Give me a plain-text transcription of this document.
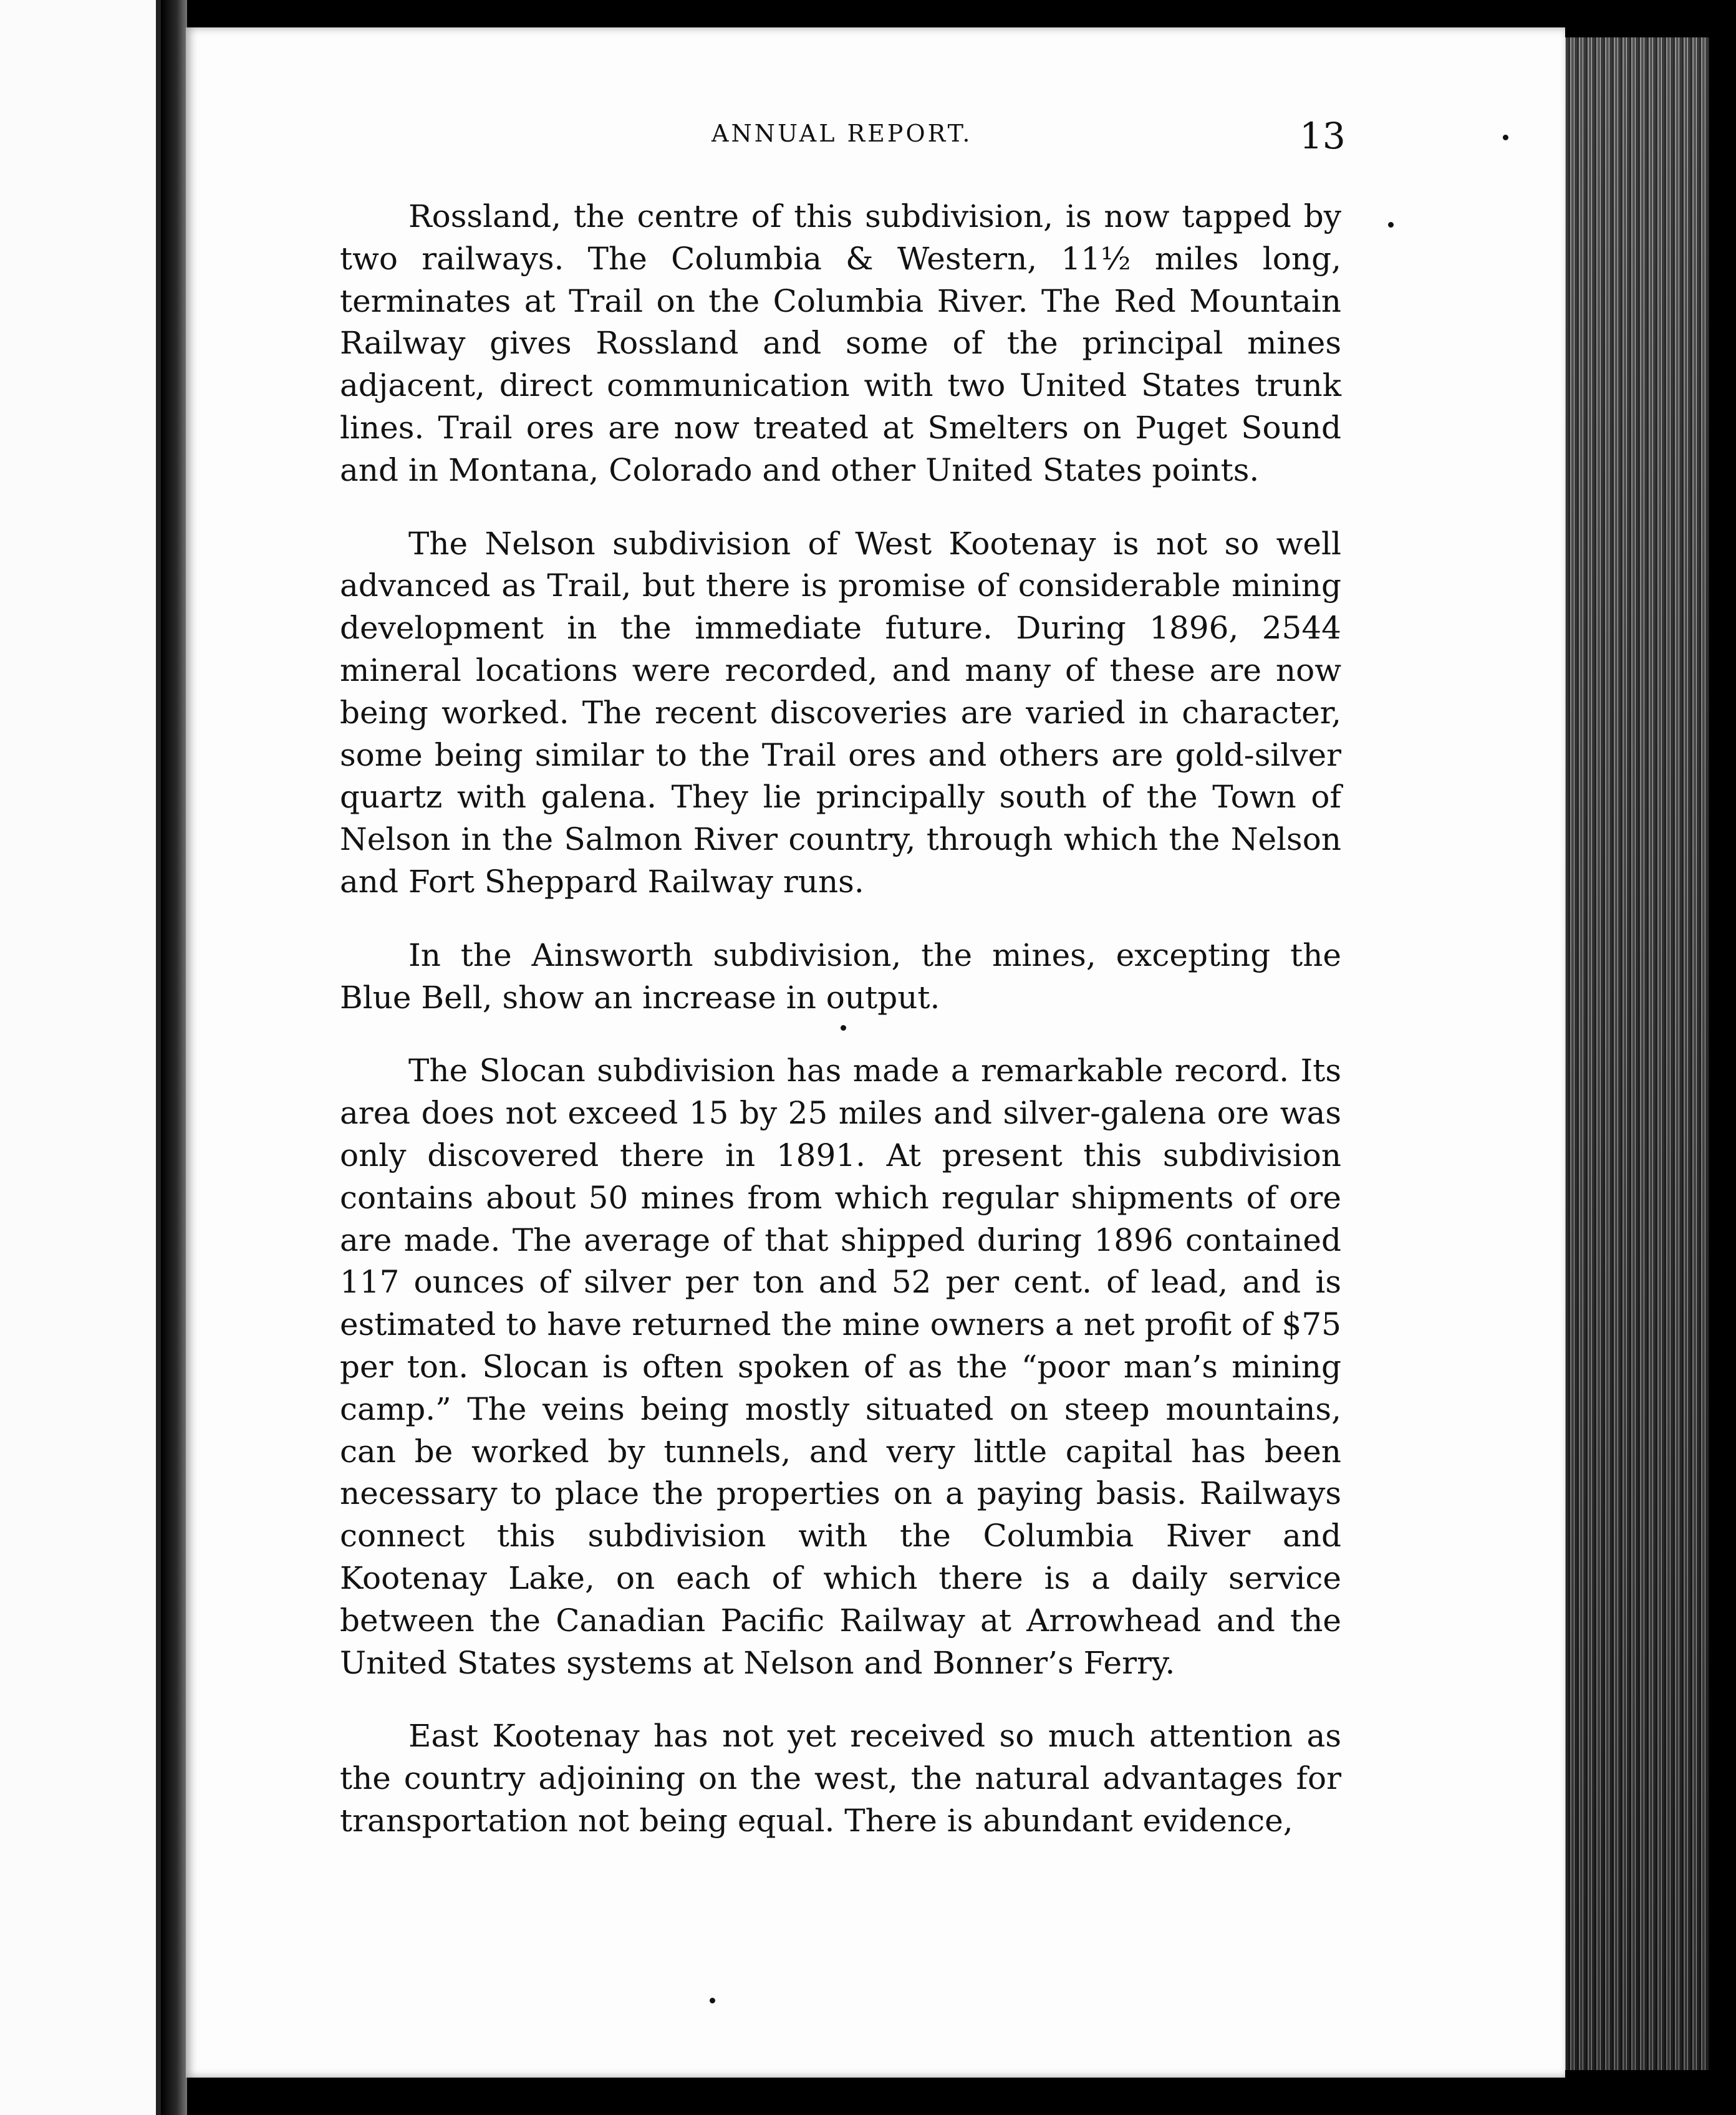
ANNUAL REPORT.	13

Rossland, the centre of this subdivision, is now tapped by two railways. The Columbia & Western, 11½ miles long, terminates at Trail on the Columbia River. The Red Mountain Railway gives Rossland and some of the principal mines adjacent, direct communication with two United States trunk lines. Trail ores are now treated at Smelters on Puget Sound and in Montana, Colorado and other United States points.

The Nelson subdivision of West Kootenay is not so well advanced as Trail, but there is promise of considerable mining development in the immediate future. During 1896, 2544 mineral locations were recorded, and many of these are now being worked. The recent discoveries are varied in character, some being similar to the Trail ores and others are gold-silver quartz with galena. They lie principally south of the Town of Nelson in the Salmon River country, through which the Nelson and Fort Sheppard Railway runs.

In the Ainsworth subdivision, the mines, excepting the Blue Bell, show an increase in output.

The Slocan subdivision has made a remarkable record. Its area does not exceed 15 by 25 miles and silver-galena ore was only discovered there in 1891. At present this subdivision contains about 50 mines from which regular shipments of ore are made. The average of that shipped during 1896 contained 117 ounces of silver per ton and 52 per cent. of lead, and is estimated to have returned the mine owners a net profit of $75 per ton. Slocan is often spoken of as the “poor man’s mining camp.” The veins being mostly situated on steep mountains, can be worked by tunnels, and very little capital has been necessary to place the properties on a paying basis. Railways connect this subdivision with the Columbia River and Kootenay Lake, on each of which there is a daily service between the Canadian Pacific Railway at Arrowhead and the United States systems at Nelson and Bonner’s Ferry.

East Kootenay has not yet received so much attention as the country adjoining on the west, the natural advantages for transportation not being equal. There is abundant evidence,
